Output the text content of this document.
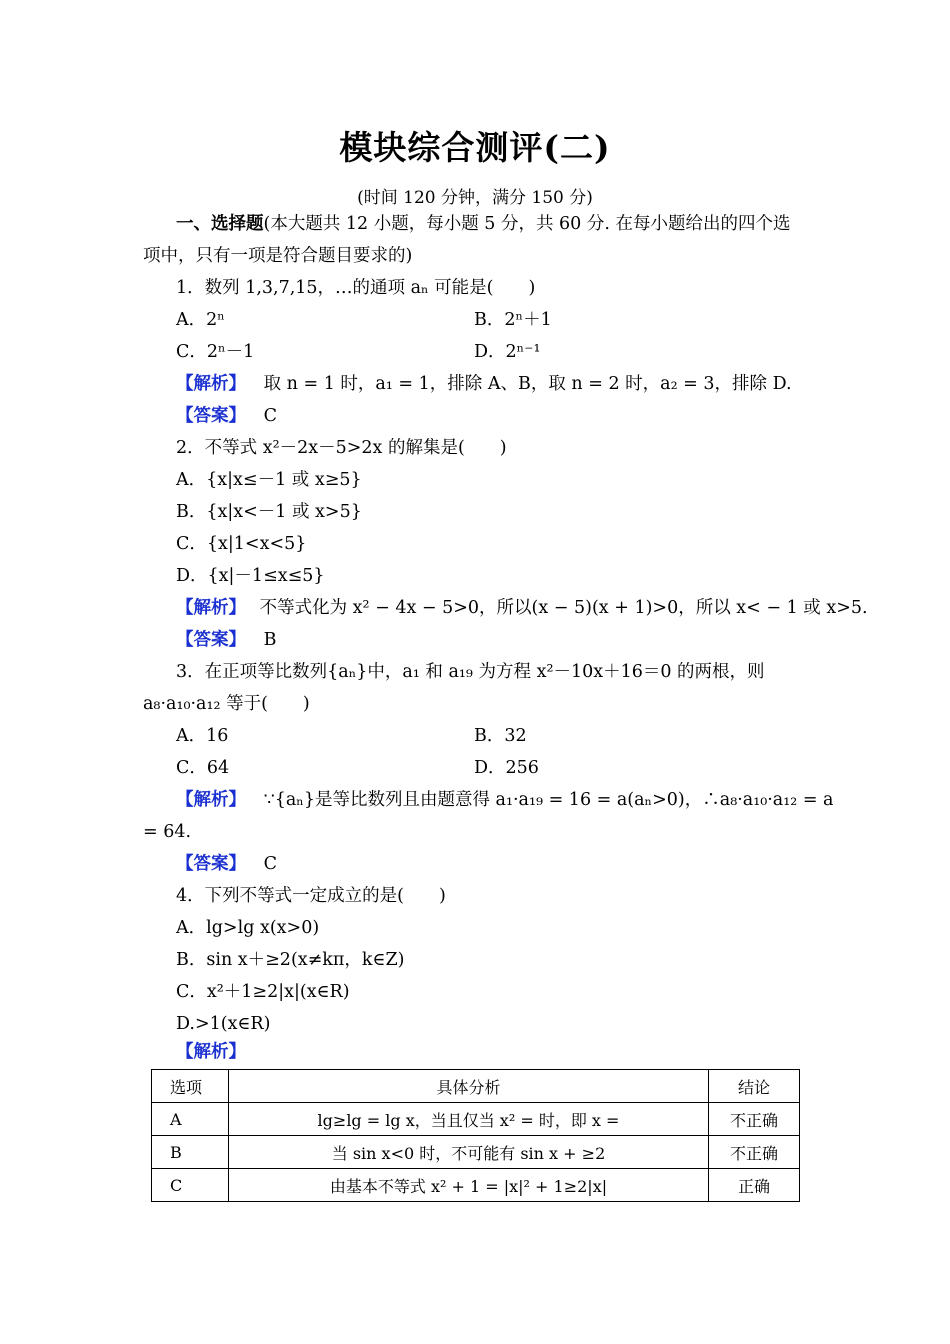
模块综合测评(二)
(时间 120 分钟，满分 150 分)
一、选择题(本大题共 12 小题，每小题 5 分，共 60 分. 在每小题给出的四个选
项中，只有一项是符合题目要求的)
1．数列 1,3,7,15，…的通项 aₙ 可能是(　　)
A．2ⁿ	B．2ⁿ＋1
C．2ⁿ－1	D．2ⁿ⁻¹
【解析】 取 n = 1 时，a₁ = 1，排除 A、B，取 n = 2 时，a₂ = 3，排除 D.
【答案】 C
2．不等式 x²－2x－5>2x 的解集是(　　)
A．{x|x≤－1 或 x≥5}
B．{x|x<－1 或 x>5}
C．{x|1<x<5}
D．{x|－1≤x≤5}
【解析】 不等式化为 x² − 4x − 5>0，所以(x − 5)(x + 1)>0，所以 x< − 1 或 x>5.
【答案】 B
3．在正项等比数列{aₙ}中，a₁ 和 a₁₉ 为方程 x²－10x＋16＝0 的两根，则
a₈·a₁₀·a₁₂ 等于(　　)
A．16	B．32
C．64	D．256
【解析】 ∵{aₙ}是等比数列且由题意得 a₁·a₁₉ = 16 = a(aₙ>0)，∴a₈·a₁₀·a₁₂ = a
= 64.
【答案】 C
4．下列不等式一定成立的是(　　)
A．lg>lg x(x>0)
B．sin x＋≥2(x≠kπ，k∈Z)
C．x²＋1≥2|x|(x∈R)
D.>1(x∈R)
【解析】
选项	具体分析	结论
A	lg≥lg = lg x，当且仅当 x² = 时，即 x =	不正确
B	当 sin x<0 时，不可能有 sin x + ≥2	不正确
C	由基本不等式 x² + 1 = |x|² + 1≥2|x|	正确
